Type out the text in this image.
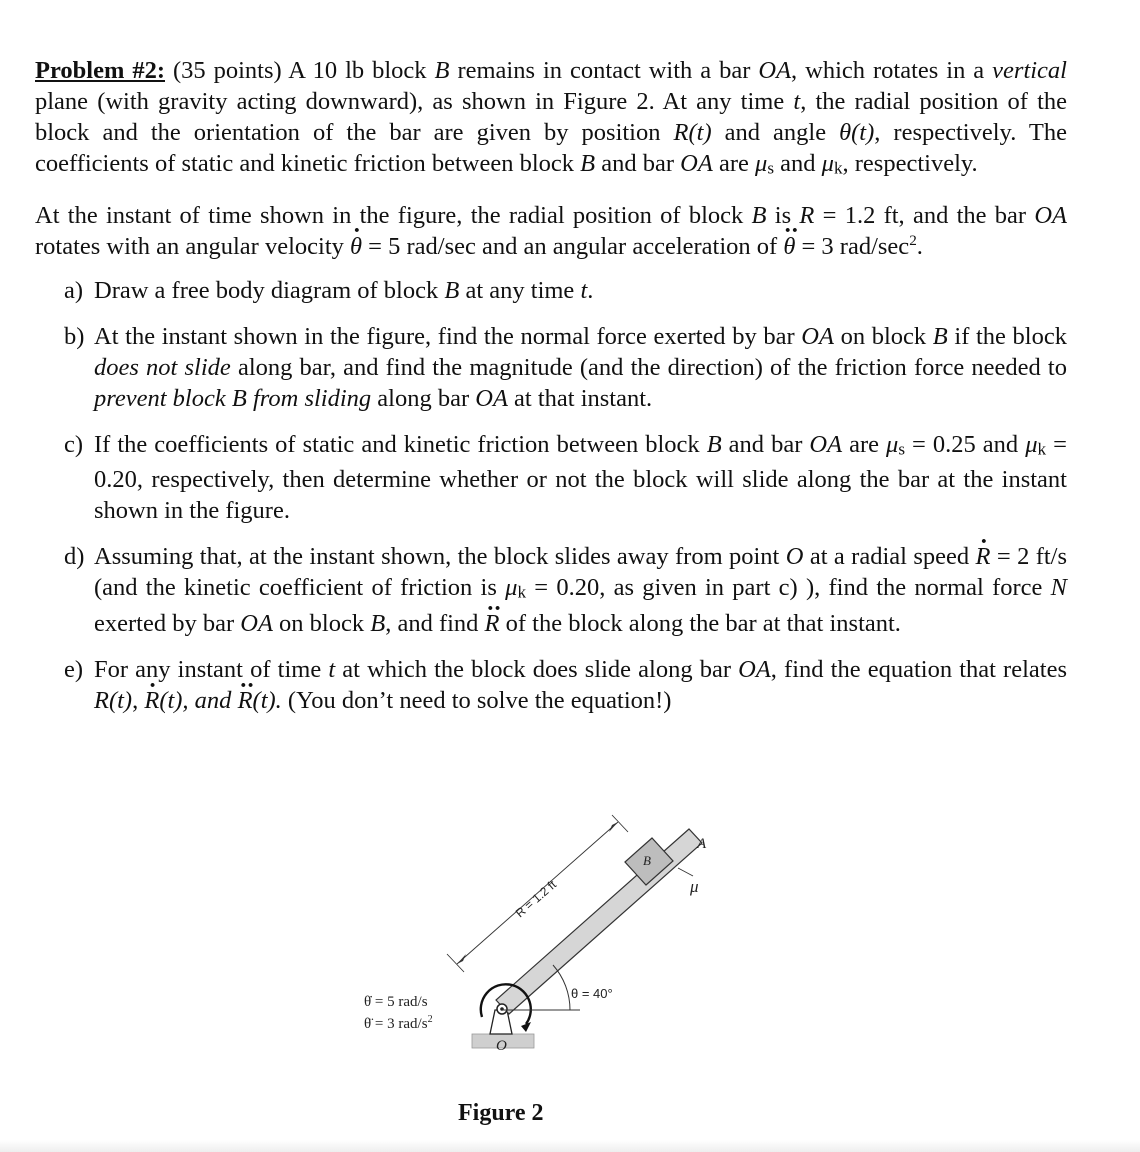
Problem #2: (35 points) A 10 lb block B remains in contact with a bar OA, which rotates in a vertical plane (with gravity acting downward), as shown in Figure 2. At any time t, the radial position of the block and the orientation of the bar are given by position R(t) and angle θ(t), respectively. The coefficients of static and kinetic friction between block B and bar OA are μs and μk, respectively.

At the instant of time shown in the figure, the radial position of block B is R = 1.2 ft, and the bar OA rotates with an angular velocity · θ = 5 rad/sec and an angular acceleration of ·· θ = 3 rad/$\sec^2$.

a) Draw a free body diagram of block B at any time t.
b) At the instant shown in the figure, find the normal force exerted by bar OA on block B if the block does not slide along bar, and find the magnitude (and the direction) of the friction force needed to prevent block B from sliding along bar OA at that instant.
c) If the coefficients of static and kinetic friction between block B and bar OA are μs = 0.25 and μk = 0.20, respectively, then determine whether or not the block will slide along the bar at the instant shown in the figure.
d) Assuming that, at the instant shown, the block slides away from point O at a radial speed · R = 2 ft/s (and the kinetic coefficient of friction is μk = 0.20, as given in part c) ), find the normal force N exerted by bar OA on block B, and find ·· R of the block along the bar at that instant.
e) For any instant of time t at which the block does slide along bar OA, find the equation that relates R(t), · R(t), and ·· R(t). (You don’t need to solve the equation!)
R = 1.2 ft
B
A
μ
θ = 40°
θ̇ = 5 rad/s
θ̈ = 3 rad/$s^2$
O
Figure 2
